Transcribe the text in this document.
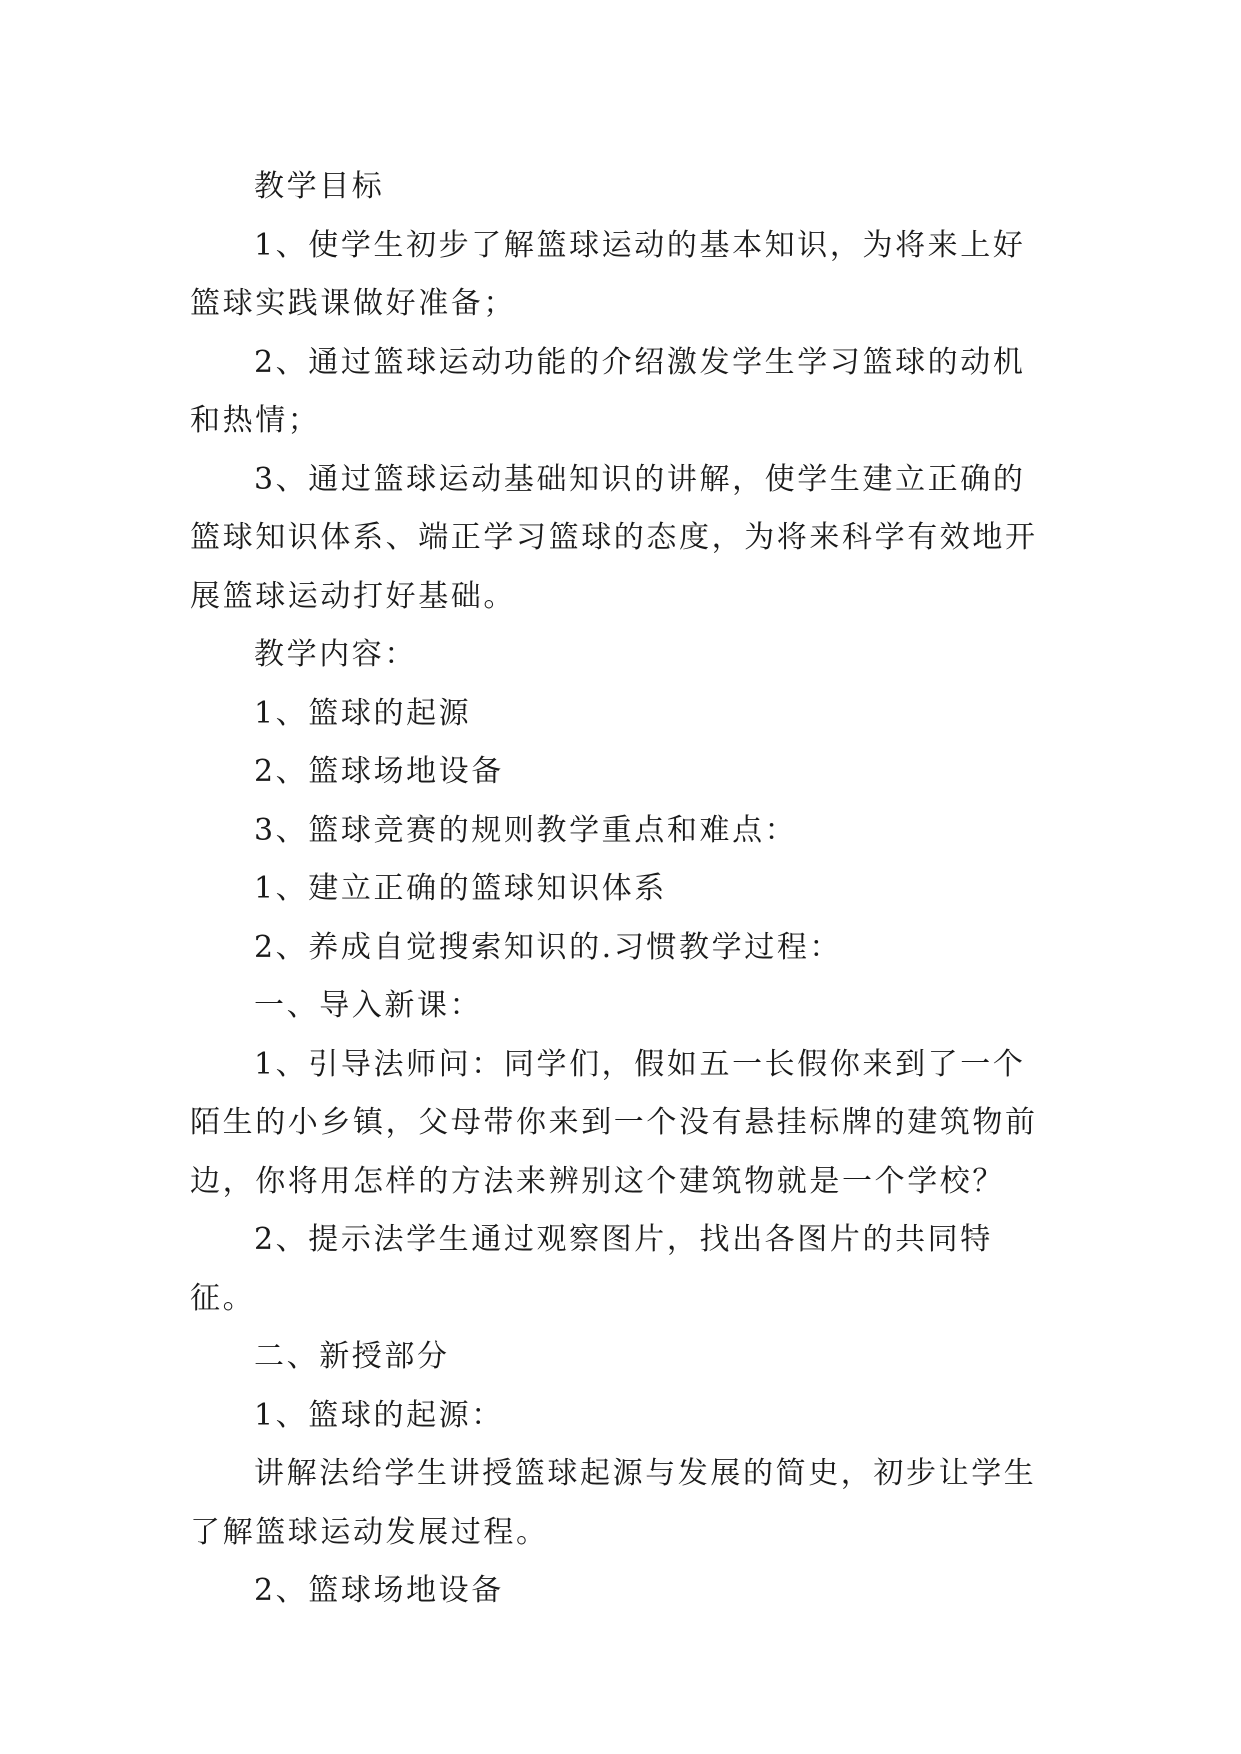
教学目标

1、使学生初步了解篮球运动的基本知识，为将来上好篮球实践课做好准备；

2、通过篮球运动功能的介绍激发学生学习篮球的动机和热情；

3、通过篮球运动基础知识的讲解，使学生建立正确的篮球知识体系、端正学习篮球的态度，为将来科学有效地开展篮球运动打好基础。

教学内容：

1、篮球的起源

2、篮球场地设备

3、篮球竞赛的规则教学重点和难点：

1、建立正确的篮球知识体系

2、养成自觉搜索知识的.习惯教学过程：

一、导入新课：

1、引导法师问：同学们，假如五一长假你来到了一个陌生的小乡镇，父母带你来到一个没有悬挂标牌的建筑物前边，你将用怎样的方法来辨别这个建筑物就是一个学校？

2、提示法学生通过观察图片，找出各图片的共同特征。

二、新授部分

1、篮球的起源：

讲解法给学生讲授篮球起源与发展的简史，初步让学生了解篮球运动发展过程。

2、篮球场地设备
